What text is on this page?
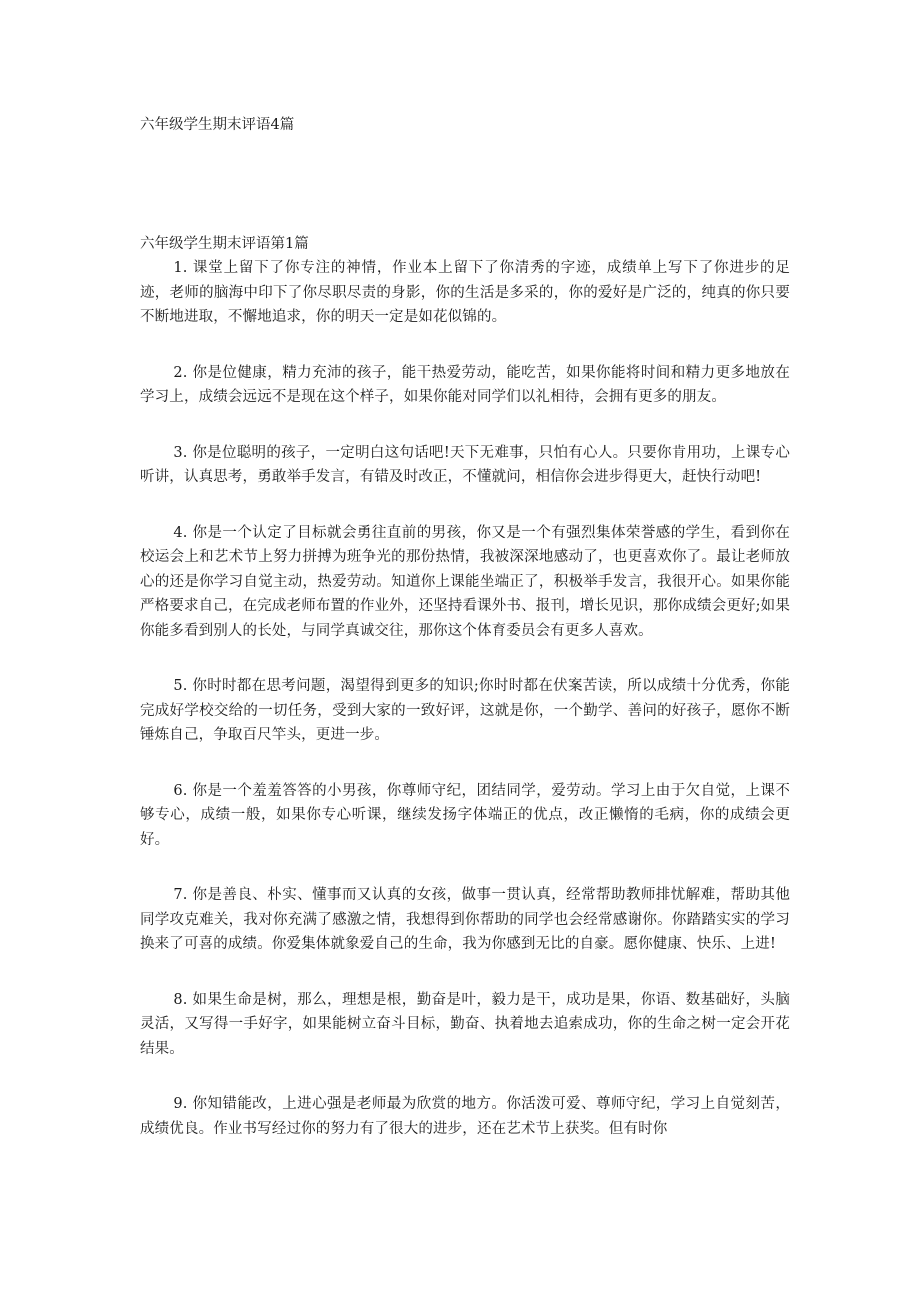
六年级学生期末评语4篇
六年级学生期末评语第1篇

1. 课堂上留下了你专注的神情，作业本上留下了你清秀的字迹，成绩单上写下了你进步的足迹，老师的脑海中印下了你尽职尽责的身影，你的生活是多采的，你的爱好是广泛的，纯真的你只要不断地进取，不懈地追求，你的明天一定是如花似锦的。

2. 你是位健康，精力充沛的孩子，能干热爱劳动，能吃苦，如果你能将时间和精力更多地放在学习上，成绩会远远不是现在这个样子，如果你能对同学们以礼相待，会拥有更多的朋友。

3. 你是位聪明的孩子，一定明白这句话吧!天下无难事，只怕有心人。只要你肯用功，上课专心听讲，认真思考，勇敢举手发言，有错及时改正，不懂就问，相信你会进步得更大，赶快行动吧!

4. 你是一个认定了目标就会勇往直前的男孩，你又是一个有强烈集体荣誉感的学生，看到你在校运会上和艺术节上努力拼搏为班争光的那份热情，我被深深地感动了，也更喜欢你了。最让老师放心的还是你学习自觉主动，热爱劳动。知道你上课能坐端正了，积极举手发言，我很开心。如果你能严格要求自己，在完成老师布置的作业外，还坚持看课外书、报刊，增长见识，那你成绩会更好;如果你能多看到别人的长处，与同学真诚交往，那你这个体育委员会有更多人喜欢。

5. 你时时都在思考问题，渴望得到更多的知识;你时时都在伏案苦读，所以成绩十分优秀，你能完成好学校交给的一切任务，受到大家的一致好评，这就是你，一个勤学、善问的好孩子，愿你不断锤炼自己，争取百尺竿头，更进一步。

6. 你是一个羞羞答答的小男孩，你尊师守纪，团结同学，爱劳动。学习上由于欠自觉，上课不够专心，成绩一般，如果你专心听课，继续发扬字体端正的优点，改正懒惰的毛病，你的成绩会更好。

7. 你是善良、朴实、懂事而又认真的女孩，做事一贯认真，经常帮助教师排忧解难，帮助其他同学攻克难关，我对你充满了感激之情，我想得到你帮助的同学也会经常感谢你。你踏踏实实的学习换来了可喜的成绩。你爱集体就象爱自己的生命，我为你感到无比的自豪。愿你健康、快乐、上进!

8. 如果生命是树，那么，理想是根，勤奋是叶，毅力是干，成功是果，你语、数基础好，头脑灵活，又写得一手好字，如果能树立奋斗目标，勤奋、执着地去追索成功，你的生命之树一定会开花结果。

9. 你知错能改，上进心强是老师最为欣赏的地方。你活泼可爱、尊师守纪，学习上自觉刻苦，成绩优良。作业书写经过你的努力有了很大的进步，还在艺术节上获奖。但有时你
